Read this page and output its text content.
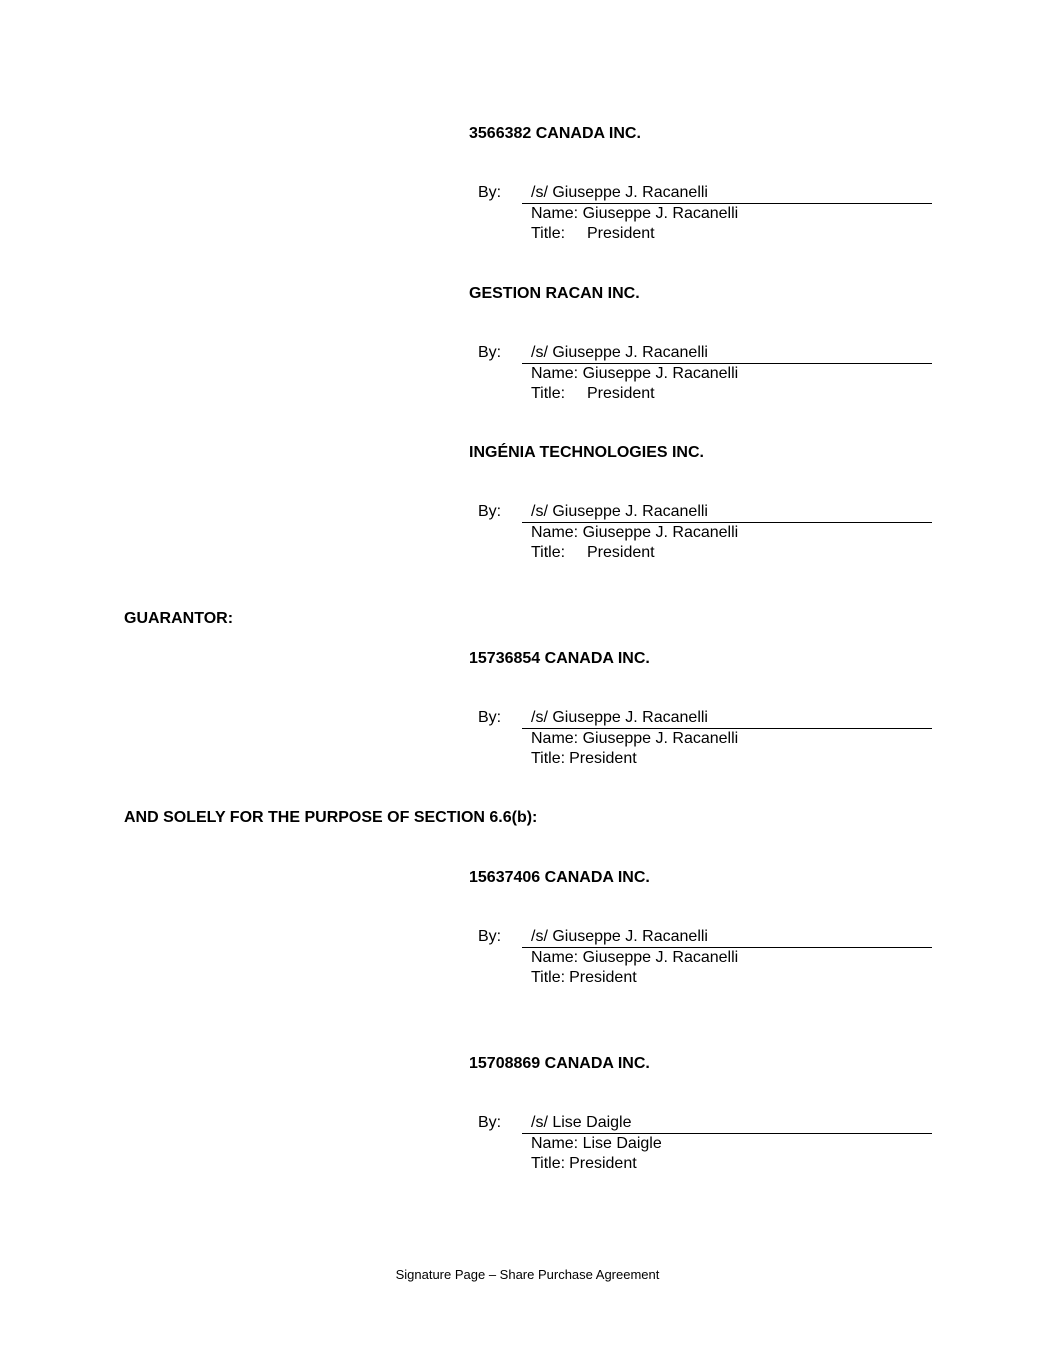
3566382 CANADA INC.
By: /s/ Giuseppe J. Racanelli
Name: Giuseppe J. Racanelli
Title: President
GESTION RACAN INC.
By: /s/ Giuseppe J. Racanelli
Name: Giuseppe J. Racanelli
Title: President
INGÉNIA TECHNOLOGIES INC.
By: /s/ Giuseppe J. Racanelli
Name: Giuseppe J. Racanelli
Title: President
GUARANTOR:
15736854 CANADA INC.
By: /s/ Giuseppe J. Racanelli
Name: Giuseppe J. Racanelli
Title: President
AND SOLELY FOR THE PURPOSE OF SECTION 6.6(b):
15637406 CANADA INC.
By: /s/ Giuseppe J. Racanelli
Name: Giuseppe J. Racanelli
Title: President
15708869 CANADA INC.
By: /s/ Lise Daigle
Name: Lise Daigle
Title: President
Signature Page – Share Purchase Agreement
